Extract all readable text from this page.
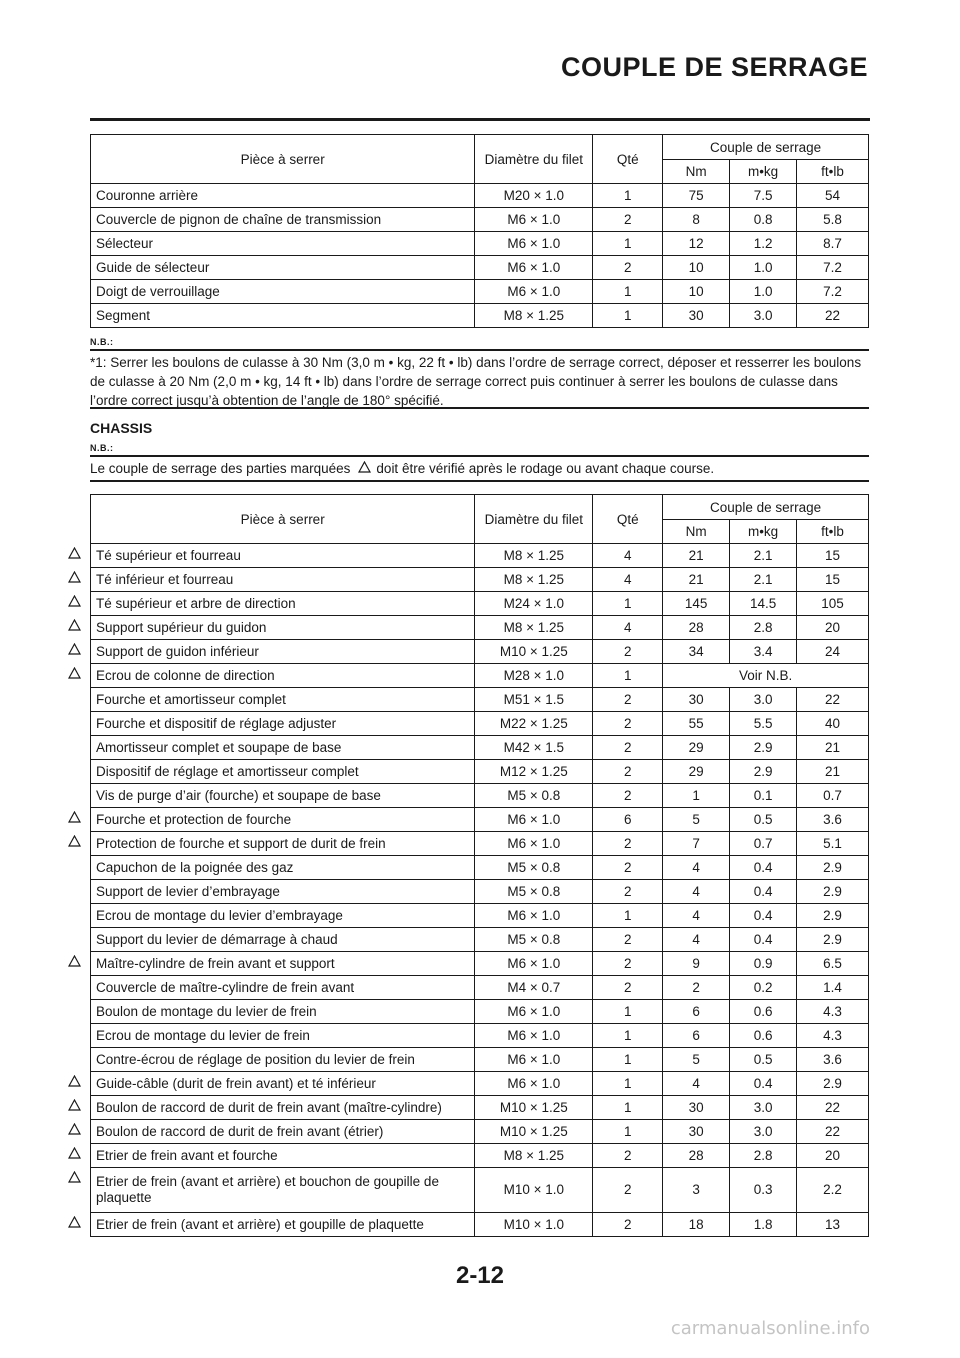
COUPLE DE SERRAGE
Pièce à serrer	Diamètre du filet	Qté	Couple de serrage		
			Nm	m•kg	ft•lb
Couronne arrière	M20 × 1.0	1	75	7.5	54
Couvercle de pignon de chaîne de transmission	M6 × 1.0	2	8	0.8	5.8
Sélecteur	M6 × 1.0	1	12	1.2	8.7
Guide de sélecteur	M6 × 1.0	2	10	1.0	7.2
Doigt de verrouillage	M6 × 1.0	1	10	1.0	7.2
Segment	M8 × 1.25	1	30	3.0	22
N.B.:
*1: Serrer les boulons de culasse à 30 Nm (3,0 m • kg, 22 ft • lb) dans l’ordre de serrage correct, déposer et resserrer les boulons de culasse à 20 Nm (2,0 m • kg, 14 ft • lb) dans l’ordre de serrage correct puis continuer à serrer les boulons de culasse dans l’ordre correct jusqu’à obtention de l’angle de 180° spécifié.
CHASSIS
N.B.:
Le couple de serrage des parties marquées doit être vérifié après le rodage ou avant chaque course.
Pièce à serrer	Diamètre du filet	Qté	Couple de serrage		
			Nm	m•kg	ft•lb
Té supérieur et fourreau	M8 × 1.25	4	21	2.1	15
Té inférieur et fourreau	M8 × 1.25	4	21	2.1	15
Té supérieur et arbre de direction	M24 × 1.0	1	145	14.5	105
Support supérieur du guidon	M8 × 1.25	4	28	2.8	20
Support de guidon inférieur	M10 × 1.25	2	34	3.4	24
Ecrou de colonne de direction	M28 × 1.0	1	Voir N.B.		
Fourche et amortisseur complet	M51 × 1.5	2	30	3.0	22
Fourche et dispositif de réglage adjuster	M22 × 1.25	2	55	5.5	40
Amortisseur complet et soupape de base	M42 × 1.5	2	29	2.9	21
Dispositif de réglage et amortisseur complet	M12 × 1.25	2	29	2.9	21
Vis de purge d’air (fourche) et soupape de base	M5 × 0.8	2	1	0.1	0.7
Fourche et protection de fourche	M6 × 1.0	6	5	0.5	3.6
Protection de fourche et support de durit de frein	M6 × 1.0	2	7	0.7	5.1
Capuchon de la poignée des gaz	M5 × 0.8	2	4	0.4	2.9
Support de levier d’embrayage	M5 × 0.8	2	4	0.4	2.9
Ecrou de montage du levier d’embrayage	M6 × 1.0	1	4	0.4	2.9
Support du levier de démarrage à chaud	M5 × 0.8	2	4	0.4	2.9
Maître-cylindre de frein avant et support	M6 × 1.0	2	9	0.9	6.5
Couvercle de maître-cylindre de frein avant	M4 × 0.7	2	2	0.2	1.4
Boulon de montage du levier de frein	M6 × 1.0	1	6	0.6	4.3
Ecrou de montage du levier de frein	M6 × 1.0	1	6	0.6	4.3
Contre-écrou de réglage de position du levier de frein	M6 × 1.0	1	5	0.5	3.6
Guide-câble (durit de frein avant) et té inférieur	M6 × 1.0	1	4	0.4	2.9
Boulon de raccord de durit de frein avant (maître-cylindre)	M10 × 1.25	1	30	3.0	22
Boulon de raccord de durit de frein avant (étrier)	M10 × 1.25	1	30	3.0	22
Etrier de frein avant et fourche	M8 × 1.25	2	28	2.8	20
Etrier de frein (avant et arrière) et bouchon de goupille de plaquette	M10 × 1.0	2	3	0.3	2.2
Etrier de frein (avant et arrière) et goupille de plaquette	M10 × 1.0	2	18	1.8	13
2-12
carmanualsonline.info
